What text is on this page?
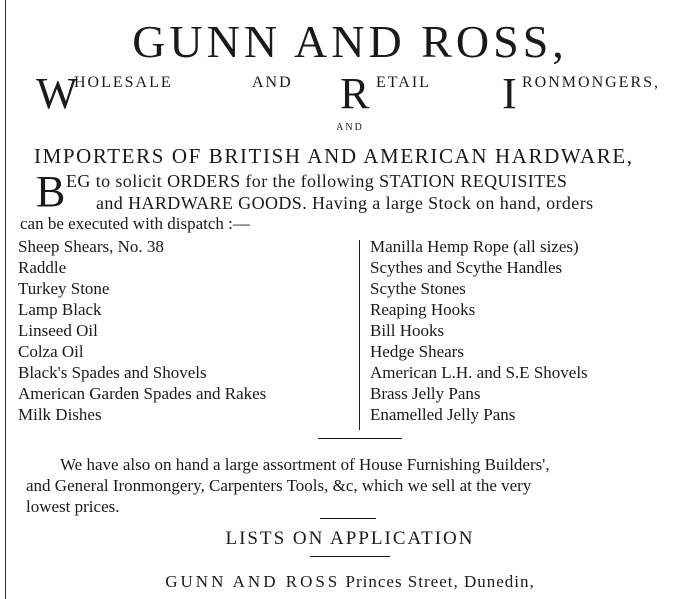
GUNN AND ROSS,
W
HOLESALE	AND R ETAIL I RONMONGERS,
AND
IMPORTERS OF BRITISH AND AMERICAN HARDWARE,
B EG to solicit ORDERS for the following STATION REQUISITES
and HARDWARE GOODS. Having a large Stock on hand, orders
can be executed with dispatch :—
Sheep Shears, No. 38
Raddle
Turkey Stone
Lamp Black
Linseed Oil
Colza Oil
Black's Spades and Shovels
American Garden Spades and Rakes
Milk Dishes
Manilla Hemp Rope (all sizes)
Scythes and Scythe Handles
Scythe Stones
Reaping Hooks
Bill Hooks
Hedge Shears
American L.H. and S.E Shovels
Brass Jelly Pans
Enamelled Jelly Pans
We have also on hand a large assortment of House Furnishing Builders',
and General Ironmongery, Carpenters Tools, &c, which we sell at the very
lowest prices.
LISTS ON APPLICATION
GUNN AND ROSS Princes Street, Dunedin,
